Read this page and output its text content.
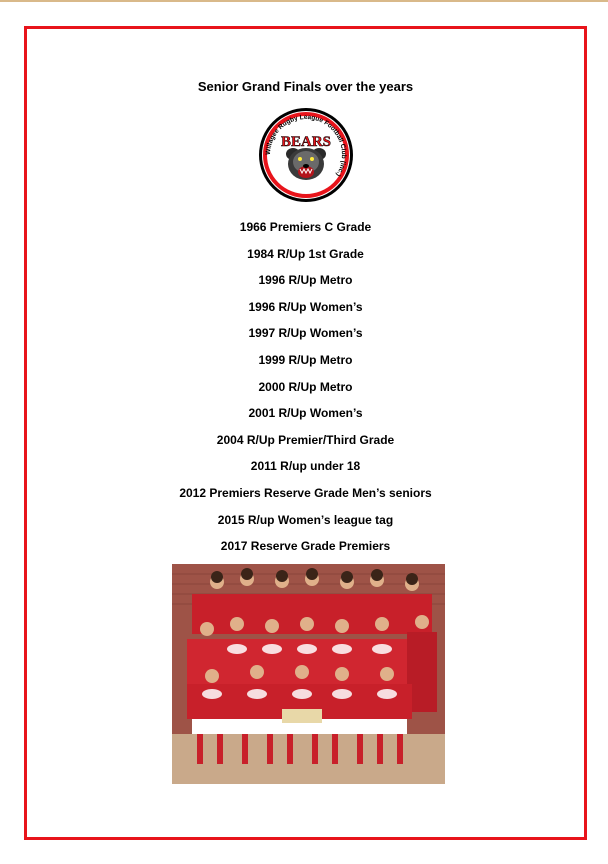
Senior Grand Finals over the years
BEARS
Willagee Rugby League Football Club (inc.)
1966 Premiers C Grade
1984 R/Up 1st Grade
1996 R/Up Metro
1996 R/Up Women’s
1997 R/Up Women’s
1999 R/Up Metro
2000 R/Up Metro
2001 R/Up Women’s
2004 R/Up Premier/Third Grade
2011 R/up under 18
2012 Premiers Reserve Grade Men’s seniors
2015 R/up Women’s league tag
2017 Reserve Grade Premiers
